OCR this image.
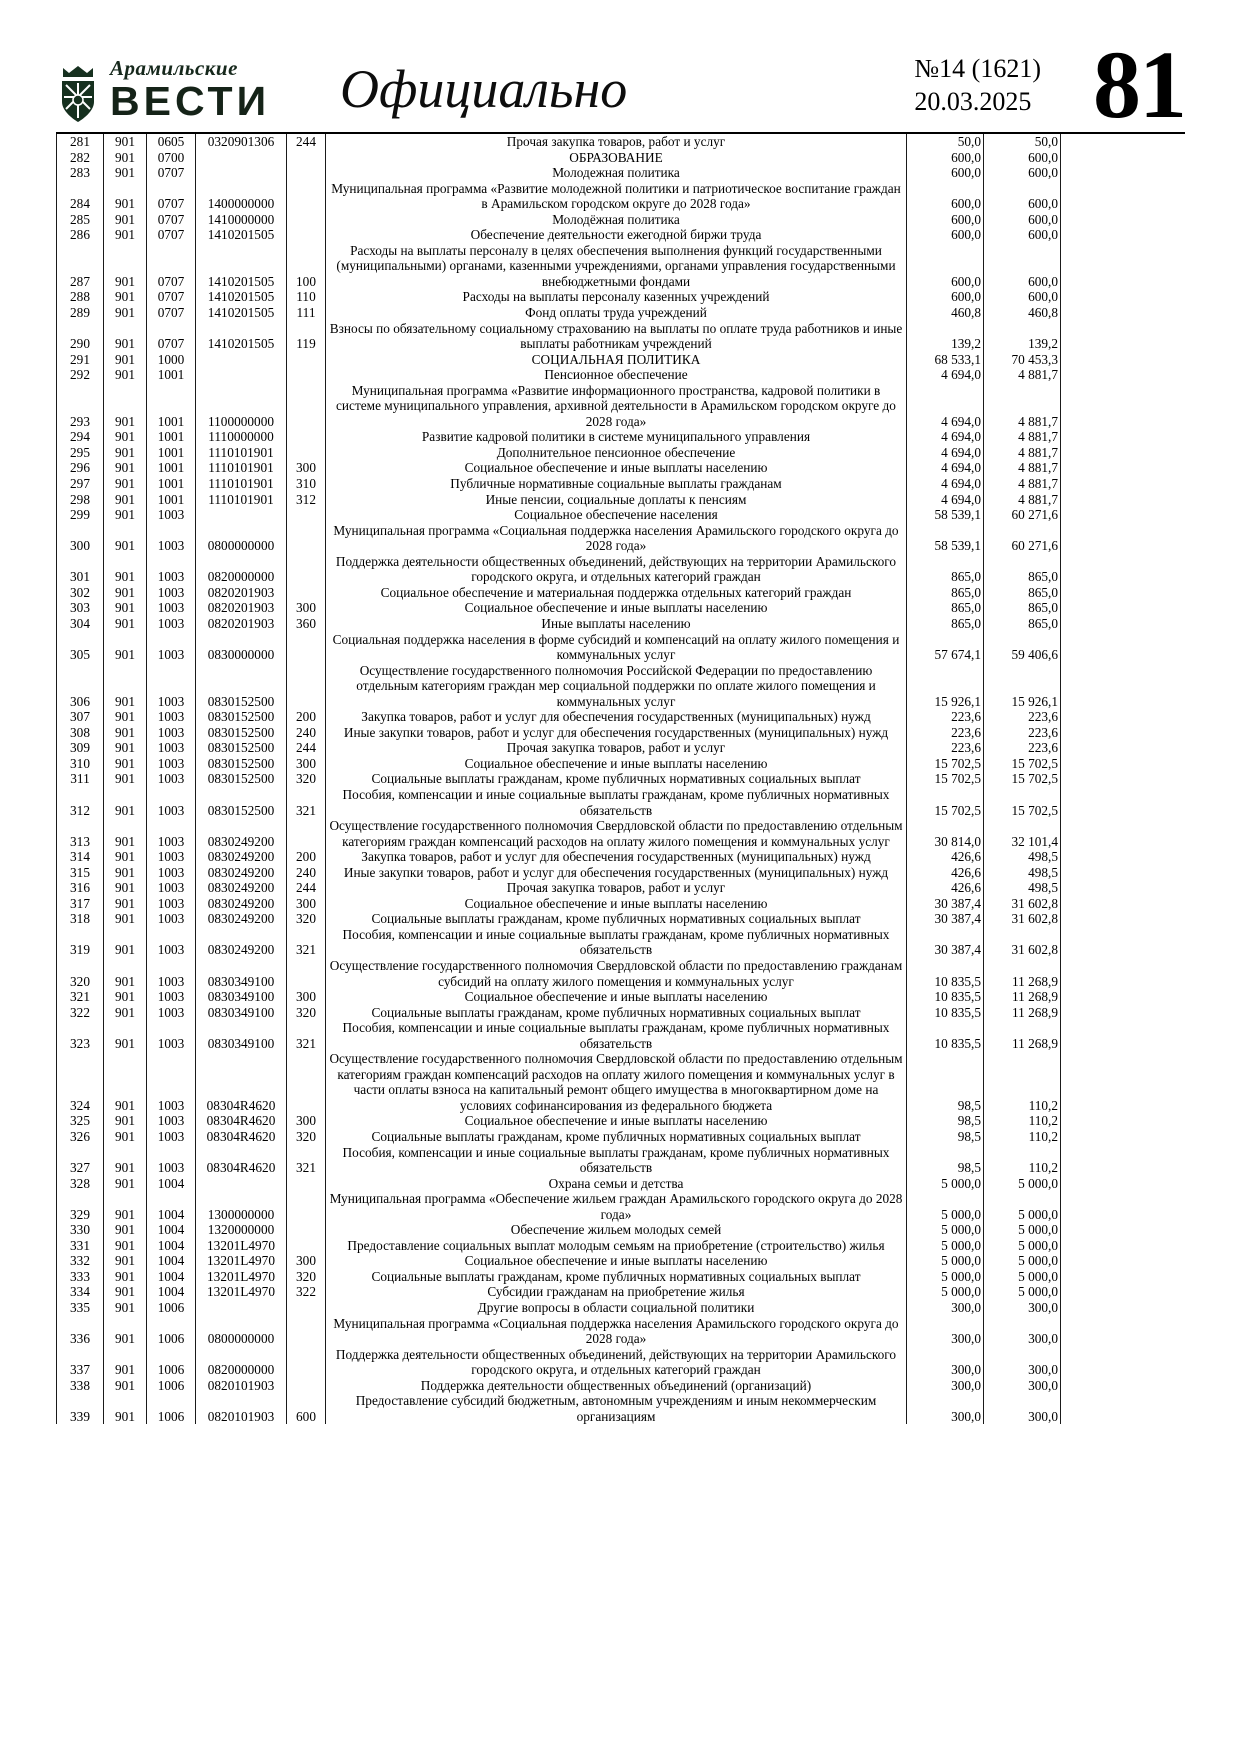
Арамильские
ВЕСТИ Официально	№14 (1621)
20.03.2025 81
281	901	0605	0320901306	244	Прочая закупка товаров, работ и услуг	50,0	50,0
282	901	0700			ОБРАЗОВАНИЕ	600,0	600,0
283	901	0707			Молодежная политика	600,0	600,0
284	901	0707	1400000000		Муниципальная программа «Развитие молодежной политики и патриотическое воспитание граждан в Арамильском городском округе до 2028 года»	600,0	600,0
285	901	0707	1410000000		Молодёжная политика	600,0	600,0
286	901	0707	1410201505		Обеспечение деятельности ежегодной биржи труда	600,0	600,0
287	901	0707	1410201505	100	Расходы на выплаты персоналу в целях обеспечения выполнения функций государственными (муниципальными) органами, казенными учреждениями, органами управления государственными внебюджетными фондами	600,0	600,0
288	901	0707	1410201505	110	Расходы на выплаты персоналу казенных учреждений	600,0	600,0
289	901	0707	1410201505	111	Фонд оплаты труда учреждений	460,8	460,8
290	901	0707	1410201505	119	Взносы по обязательному социальному страхованию на выплаты по оплате труда работников и иные выплаты работникам учреждений	139,2	139,2
291	901	1000			СОЦИАЛЬНАЯ ПОЛИТИКА	68 533,1	70 453,3
292	901	1001			Пенсионное обеспечение	4 694,0	4 881,7
293	901	1001	1100000000		Муниципальная программа «Развитие информационного пространства, кадровой политики в системе муниципального управления, архивной деятельности в Арамильском городском округе до 2028 года»	4 694,0	4 881,7
294	901	1001	1110000000		Развитие кадровой политики в системе муниципального управления	4 694,0	4 881,7
295	901	1001	1110101901		Дополнительное пенсионное обеспечение	4 694,0	4 881,7
296	901	1001	1110101901	300	Социальное обеспечение и иные выплаты населению	4 694,0	4 881,7
297	901	1001	1110101901	310	Публичные нормативные социальные выплаты гражданам	4 694,0	4 881,7
298	901	1001	1110101901	312	Иные пенсии, социальные доплаты к пенсиям	4 694,0	4 881,7
299	901	1003			Социальное обеспечение населения	58 539,1	60 271,6
300	901	1003	0800000000		Муниципальная программа «Социальная поддержка населения Арамильского городского округа до 2028 года»	58 539,1	60 271,6
301	901	1003	0820000000		Поддержка деятельности общественных объединений, действующих на территории Арамильского городского округа, и отдельных категорий граждан	865,0	865,0
302	901	1003	0820201903		Социальное обеспечение и материальная поддержка отдельных категорий граждан	865,0	865,0
303	901	1003	0820201903	300	Социальное обеспечение и иные выплаты населению	865,0	865,0
304	901	1003	0820201903	360	Иные выплаты населению	865,0	865,0
305	901	1003	0830000000		Социальная поддержка населения в форме субсидий и компенсаций на оплату жилого помещения и коммунальных услуг	57 674,1	59 406,6
306	901	1003	0830152500		Осуществление государственного полномочия Российской Федерации по предоставлению отдельным категориям граждан мер социальной поддержки по оплате жилого помещения и коммунальных услуг	15 926,1	15 926,1
307	901	1003	0830152500	200	Закупка товаров, работ и услуг для обеспечения государственных (муниципальных) нужд	223,6	223,6
308	901	1003	0830152500	240	Иные закупки товаров, работ и услуг для обеспечения государственных (муниципальных) нужд	223,6	223,6
309	901	1003	0830152500	244	Прочая закупка товаров, работ и услуг	223,6	223,6
310	901	1003	0830152500	300	Социальное обеспечение и иные выплаты населению	15 702,5	15 702,5
311	901	1003	0830152500	320	Социальные выплаты гражданам, кроме публичных нормативных социальных выплат	15 702,5	15 702,5
312	901	1003	0830152500	321	Пособия, компенсации и иные социальные выплаты гражданам, кроме публичных нормативных обязательств	15 702,5	15 702,5
313	901	1003	0830249200		Осуществление государственного полномочия Свердловской области по предоставлению отдельным категориям граждан компенсаций расходов на оплату жилого помещения и коммунальных услуг	30 814,0	32 101,4
314	901	1003	0830249200	200	Закупка товаров, работ и услуг для обеспечения государственных (муниципальных) нужд	426,6	498,5
315	901	1003	0830249200	240	Иные закупки товаров, работ и услуг для обеспечения государственных (муниципальных) нужд	426,6	498,5
316	901	1003	0830249200	244	Прочая закупка товаров, работ и услуг	426,6	498,5
317	901	1003	0830249200	300	Социальное обеспечение и иные выплаты населению	30 387,4	31 602,8
318	901	1003	0830249200	320	Социальные выплаты гражданам, кроме публичных нормативных социальных выплат	30 387,4	31 602,8
319	901	1003	0830249200	321	Пособия, компенсации и иные социальные выплаты гражданам, кроме публичных нормативных обязательств	30 387,4	31 602,8
320	901	1003	0830349100		Осуществление государственного полномочия Свердловской области по предоставлению гражданам субсидий на оплату жилого помещения и коммунальных услуг	10 835,5	11 268,9
321	901	1003	0830349100	300	Социальное обеспечение и иные выплаты населению	10 835,5	11 268,9
322	901	1003	0830349100	320	Социальные выплаты гражданам, кроме публичных нормативных социальных выплат	10 835,5	11 268,9
323	901	1003	0830349100	321	Пособия, компенсации и иные социальные выплаты гражданам, кроме публичных нормативных обязательств	10 835,5	11 268,9
324	901	1003	08304R4620		Осуществление государственного полномочия Свердловской области по предоставлению отдельным категориям граждан компенсаций расходов на оплату жилого помещения и коммунальных услуг в части оплаты взноса на капитальный ремонт общего имущества в многоквартирном доме на условиях софинансирования из федерального бюджета	98,5	110,2
325	901	1003	08304R4620	300	Социальное обеспечение и иные выплаты населению	98,5	110,2
326	901	1003	08304R4620	320	Социальные выплаты гражданам, кроме публичных нормативных социальных выплат	98,5	110,2
327	901	1003	08304R4620	321	Пособия, компенсации и иные социальные выплаты гражданам, кроме публичных нормативных обязательств	98,5	110,2
328	901	1004			Охрана семьи и детства	5 000,0	5 000,0
329	901	1004	1300000000		Муниципальная программа «Обеспечение жильем граждан Арамильского городского округа до 2028 года»	5 000,0	5 000,0
330	901	1004	1320000000		Обеспечение жильем молодых семей	5 000,0	5 000,0
331	901	1004	13201L4970		Предоставление социальных выплат молодым семьям на приобретение (строительство) жилья	5 000,0	5 000,0
332	901	1004	13201L4970	300	Социальное обеспечение и иные выплаты населению	5 000,0	5 000,0
333	901	1004	13201L4970	320	Социальные выплаты гражданам, кроме публичных нормативных социальных выплат	5 000,0	5 000,0
334	901	1004	13201L4970	322	Субсидии гражданам на приобретение жилья	5 000,0	5 000,0
335	901	1006			Другие вопросы в области социальной политики	300,0	300,0
336	901	1006	0800000000		Муниципальная программа «Социальная поддержка населения Арамильского городского округа до 2028 года»	300,0	300,0
337	901	1006	0820000000		Поддержка деятельности общественных объединений, действующих на территории Арамильского городского округа, и отдельных категорий граждан	300,0	300,0
338	901	1006	0820101903		Поддержка деятельности общественных объединений (организаций)	300,0	300,0
339	901	1006	0820101903	600	Предоставление субсидий бюджетным, автономным учреждениям и иным некоммерческим организациям	300,0	300,0
